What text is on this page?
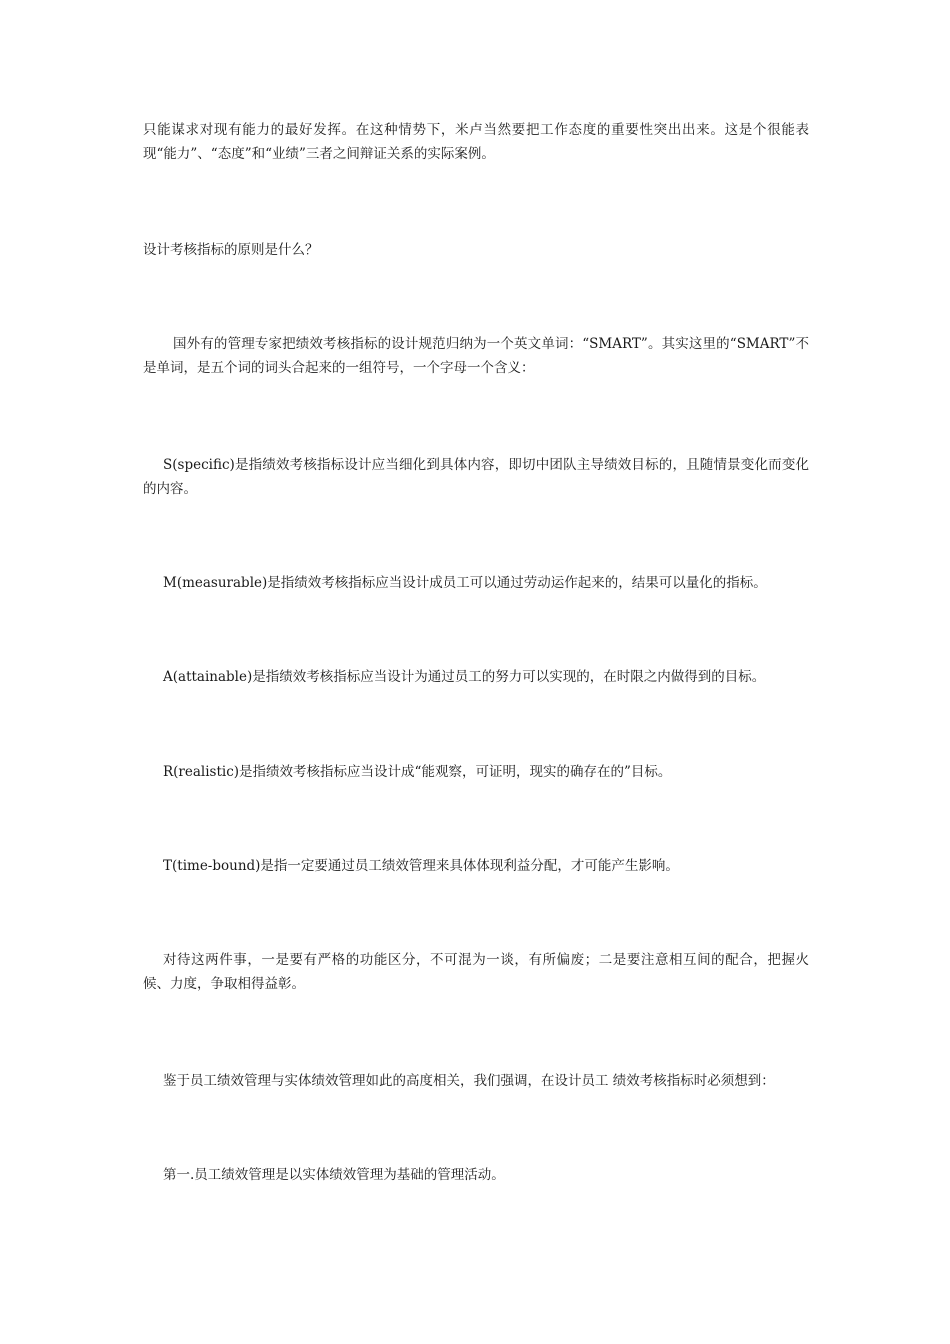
只能谋求对现有能力的最好发挥。在这种情势下，米卢当然要把工作态度的重要性突出出来。这是个很能表现“能力”、“态度”和“业绩”三者之间辩证关系的实际案例。

设计考核指标的原则是什么？

国外有的管理专家把绩效考核指标的设计规范归纳为一个英文单词：“SMART”。其实这里的“SMART”不是单词，是五个词的词头合起来的一组符号，一个字母一个含义：

S(specific)是指绩效考核指标设计应当细化到具体内容，即切中团队主导绩效目标的，且随情景变化而变化的内容。

M(measurable)是指绩效考核指标应当设计成员工可以通过劳动运作起来的，结果可以量化的指标。

A(attainable)是指绩效考核指标应当设计为通过员工的努力可以实现的，在时限之内做得到的目标。

R(realistic)是指绩效考核指标应当设计成“能观察，可证明，现实的确存在的”目标。

T(time-bound)是指一定要通过员工绩效管理来具体体现利益分配，才可能产生影响。

对待这两件事，一是要有严格的功能区分，不可混为一谈，有所偏废；二是要注意相互间的配合，把握火候、力度，争取相得益彰。

鉴于员工绩效管理与实体绩效管理如此的高度相关，我们强调，在设计员工 绩效考核指标时必须想到：

第一.员工绩效管理是以实体绩效管理为基础的管理活动。
